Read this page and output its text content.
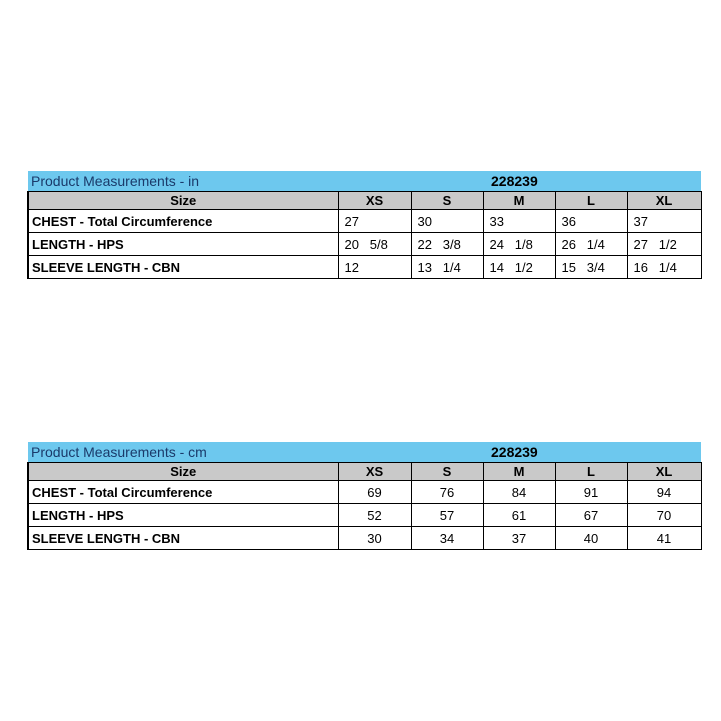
Product Measurements - in		228239			
Size	XS	S	M	L	XL
CHEST - Total Circumference	27	30	33	36	37
LENGTH - HPS	20   5/8	22   3/8	24   1/8	26   1/4	27   1/2
SLEEVE LENGTH - CBN	12	13   1/4	14   1/2	15   3/4	16   1/4
Product Measurements - cm		228239			
Size	XS	S	M	L	XL
CHEST - Total Circumference	69	76	84	91	94
LENGTH - HPS	52	57	61	67	70
SLEEVE LENGTH - CBN	30	34	37	40	41
